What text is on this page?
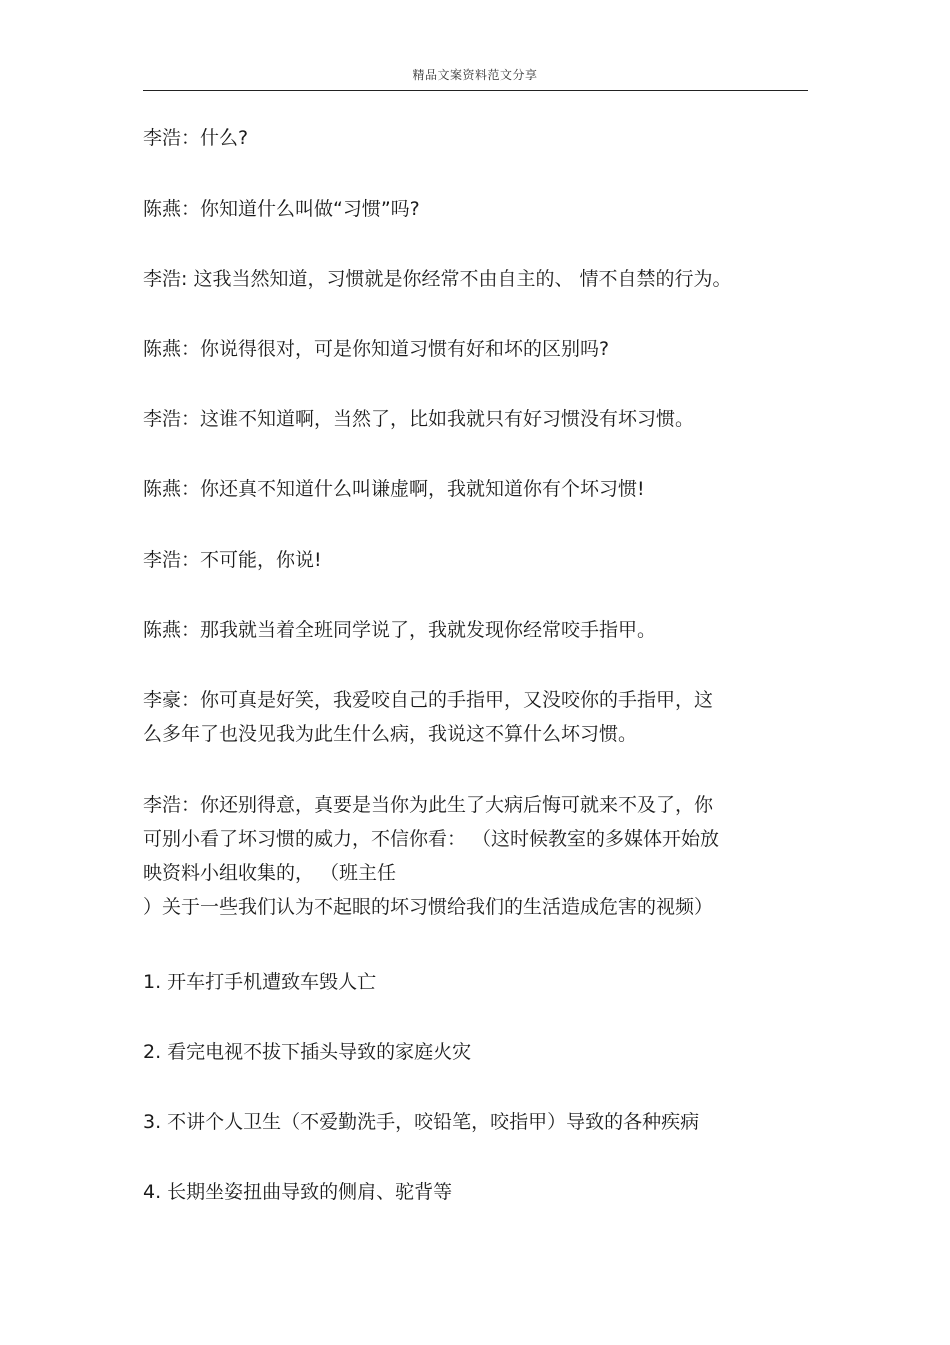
精品文案资料范文分享

李浩：什么?

陈燕：你知道什么叫做“习惯”吗?

李浩: 这我当然知道，习惯就是你经常不由自主的、 情不自禁的行为。

陈燕：你说得很对，可是你知道习惯有好和坏的区别吗?

李浩：这谁不知道啊，当然了，比如我就只有好习惯没有坏习惯。

陈燕：你还真不知道什么叫谦虚啊，我就知道你有个坏习惯!

李浩：不可能，你说!

陈燕：那我就当着全班同学说了，我就发现你经常咬手指甲。

李豪：你可真是好笑，我爱咬自己的手指甲，又没咬你的手指甲，这
么多年了也没见我为此生什么病，我说这不算什么坏习惯。

李浩：你还别得意，真要是当你为此生了大病后悔可就来不及了，你
可别小看了坏习惯的威力，不信你看： （这时候教室的多媒体开始放
映资料小组收集的， （班主任
）关于一些我们认为不起眼的坏习惯给我们的生活造成危害的视频）

1. 开车打手机遭致车毁人亡

2. 看完电视不拔下插头导致的家庭火灾

3. 不讲个人卫生（不爱勤洗手，咬铅笔，咬指甲）导致的各种疾病

4. 长期坐姿扭曲导致的侧肩、驼背等
